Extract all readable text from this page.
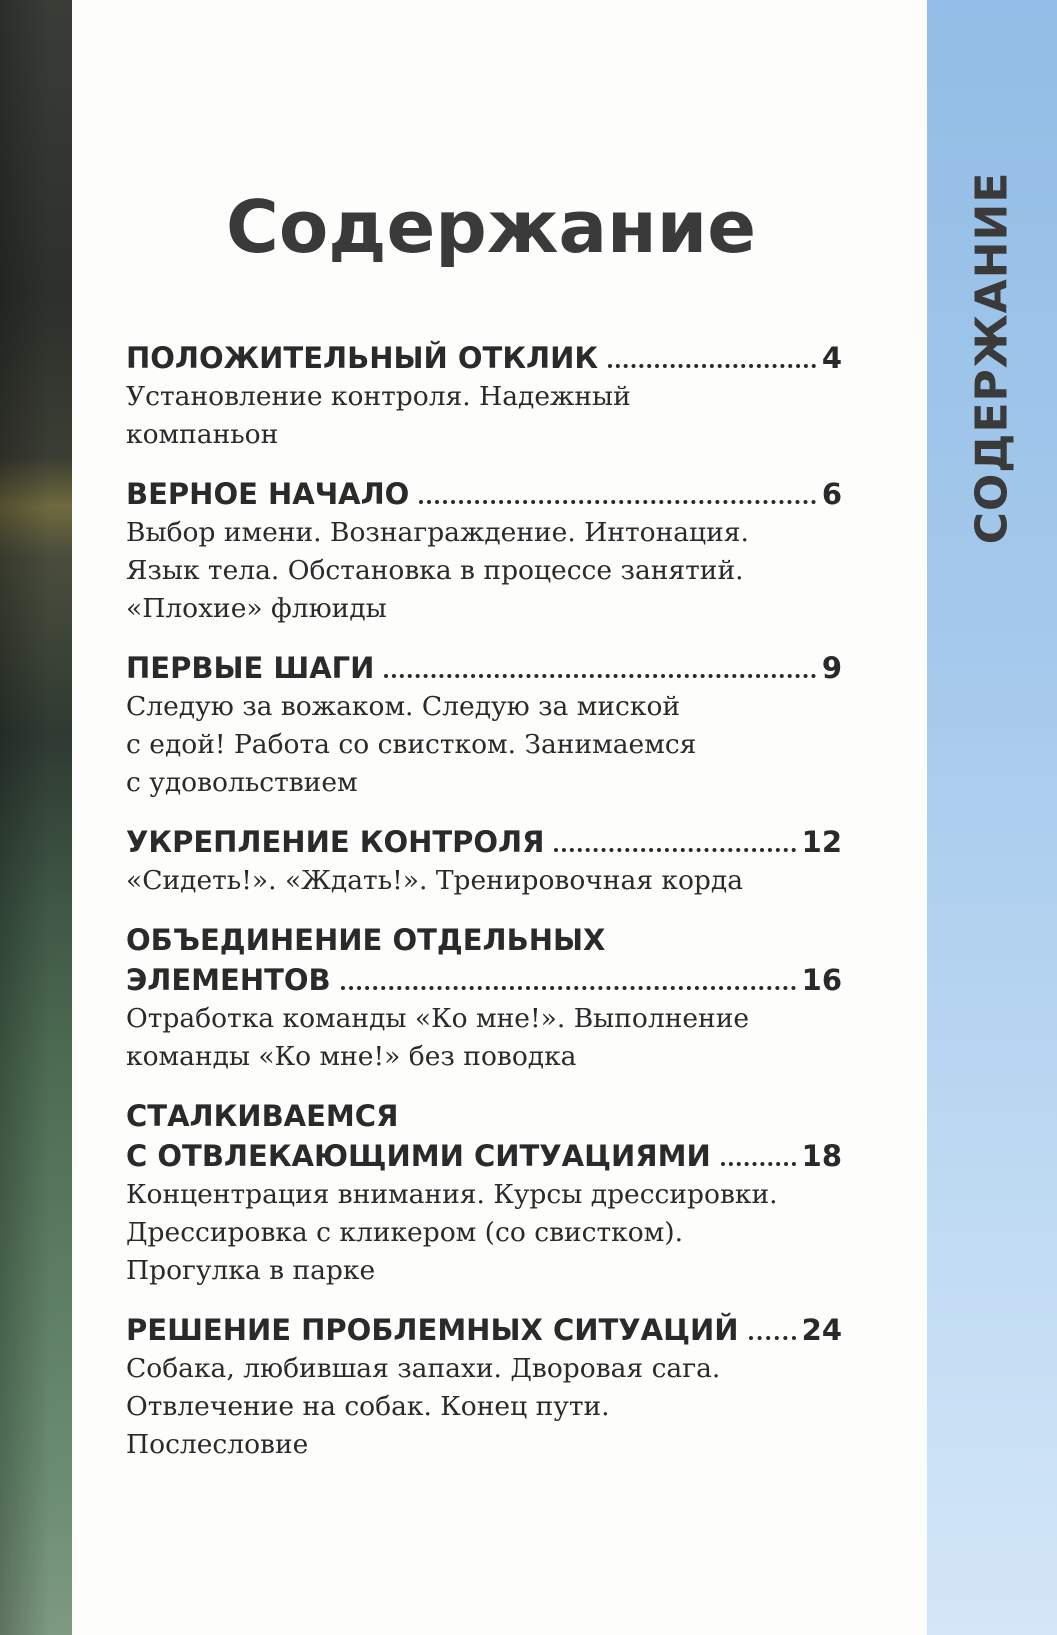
СОДЕРЖАНИЕ
Содержание
ПОЛОЖИТЕЛЬНЫЙ ОТКЛИК	4

Установление контроля. Надежный

компаньон

ВЕРНОЕ НАЧАЛО	6

Выбор имени. Вознаграждение. Интонация.

Язык тела. Обстановка в процессе занятий.

«Плохие» флюиды

ПЕРВЫЕ ШАГИ	9

Следую за вожаком. Следую за миской

с едой! Работа со свистком. Занимаемся

с удовольствием

УКРЕПЛЕНИЕ КОНТРОЛЯ	12

«Сидеть!». «Ждать!». Тренировочная корда

ОБЪЕДИНЕНИЕ ОТДЕЛЬНЫХ
ЭЛЕМЕНТОВ	16

Отработка команды «Ко мне!». Выполнение

команды «Ко мне!» без поводка

СТАЛКИВАЕМСЯ
С ОТВЛЕКАЮЩИМИ СИТУАЦИЯМИ	18

Концентрация внимания. Курсы дрессировки.

Дрессировка с кликером (со свистком).

Прогулка в парке

РЕШЕНИЕ ПРОБЛЕМНЫХ СИТУАЦИЙ 24

Собака, любившая запахи. Дворовая сага.

Отвлечение на собак. Конец пути.

Послесловие
